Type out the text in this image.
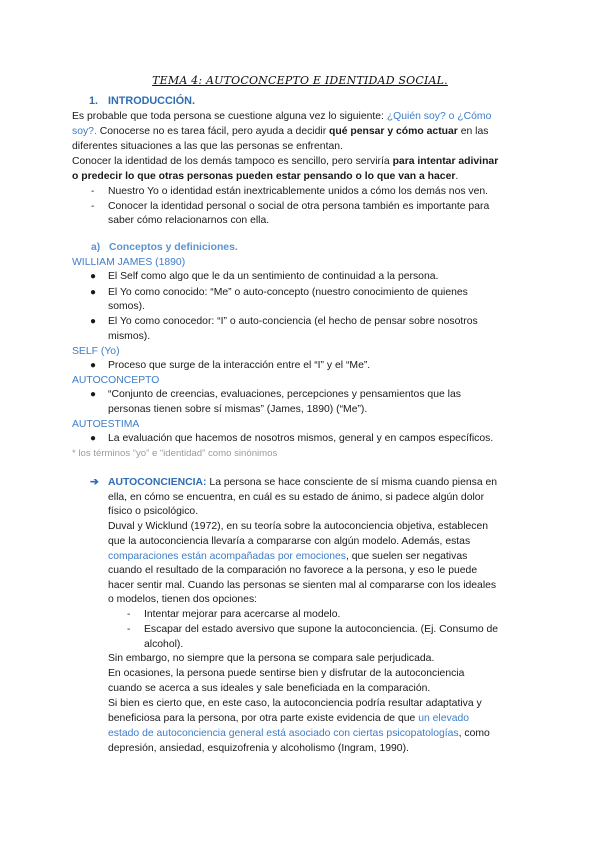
TEMA 4: AUTOCONCEPTO E IDENTIDAD SOCIAL.
1. INTRODUCCIÓN.
Es probable que toda persona se cuestione alguna vez lo siguiente: ¿Quién soy? o ¿Cómo
soy?. Conocerse no es tarea fácil, pero ayuda a decidir qué pensar y cómo actuar en las
diferentes situaciones a las que las personas se enfrentan.
Conocer la identidad de los demás tampoco es sencillo, pero serviría para intentar adivinar
o predecir lo que otras personas pueden estar pensando o lo que van a hacer.
- Nuestro Yo o identidad están inextricablemente unidos a cómo los demás nos ven.
- Conocer la identidad personal o social de otra persona también es importante para
saber cómo relacionarnos con ella.
a) Conceptos y definiciones.
WILLIAM JAMES (1890)
● El Self como algo que le da un sentimiento de continuidad a la persona.
● El Yo como conocido: “Me” o auto-concepto (nuestro conocimiento de quienes
somos).
● El Yo como conocedor: “I” o auto-conciencia (el hecho de pensar sobre nosotros
mismos).
SELF (Yo)
● Proceso que surge de la interacción entre el “I” y el “Me”.
AUTOCONCEPTO
● “Conjunto de creencias, evaluaciones, percepciones y pensamientos que las
personas tienen sobre sí mismas” (James, 1890) (“Me”).
AUTOESTIMA
● La evaluación que hacemos de nosotros mismos, general y en campos específicos.
* los términos “yo” e “identidad” como sinónimos
➔ AUTOCONCIENCIA: La persona se hace consciente de sí misma cuando piensa en
ella, en cómo se encuentra, en cuál es su estado de ánimo, si padece algún dolor
físico o psicológico.
Duval y Wicklund (1972), en su teoría sobre la autoconciencia objetiva, establecen
que la autoconciencia llevaría a compararse con algún modelo. Además, estas
comparaciones están acompañadas por emociones, que suelen ser negativas
cuando el resultado de la comparación no favorece a la persona, y eso le puede
hacer sentir mal. Cuando las personas se sienten mal al compararse con los ideales
o modelos, tienen dos opciones:
- Intentar mejorar para acercarse al modelo.
- Escapar del estado aversivo que supone la autoconciencia. (Ej. Consumo de
alcohol).
Sin embargo, no siempre que la persona se compara sale perjudicada.
En ocasiones, la persona puede sentirse bien y disfrutar de la autoconciencia
cuando se acerca a sus ideales y sale beneficiada en la comparación.
Si bien es cierto que, en este caso, la autoconciencia podría resultar adaptativa y
beneficiosa para la persona, por otra parte existe evidencia de que un elevado
estado de autoconciencia general está asociado con ciertas psicopatologías, como
depresión, ansiedad, esquizofrenia y alcoholismo (Ingram, 1990).
